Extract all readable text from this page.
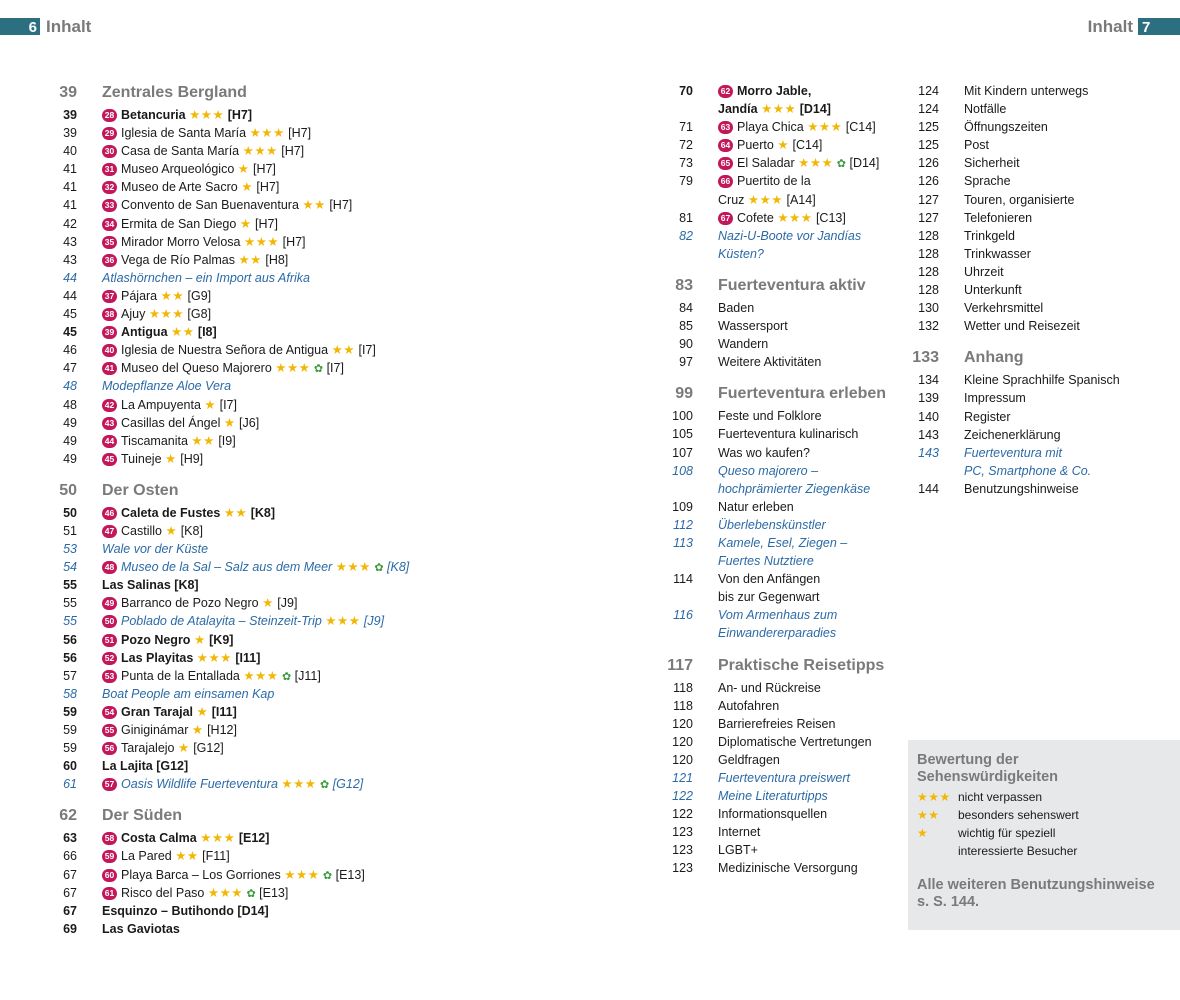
6 Inhalt	Inhalt 7
39 Zentrales Bergland
39	28 Betancuria ★★★ [H7]
39	29 Iglesia de Santa María ★★★ [H7]
40	30 Casa de Santa María ★★★ [H7]
41	31 Museo Arqueológico ★ [H7]
41	32 Museo de Arte Sacro ★ [H7]
41	33 Convento de San Buenaventura ★★ [H7]
42	34 Ermita de San Diego ★ [H7]
43	35 Mirador Morro Velosa ★★★ [H7]
43	36 Vega de Río Palmas ★★ [H8]
44 Atlashörnchen – ein Import aus Afrika
44	37 Pájara ★★ [G9]
45	38 Ajuy ★★★ [G8]
45	39 Antigua ★★ [I8]
46	40 Iglesia de Nuestra Señora de Antigua ★★ [I7]
47	41 Museo del Queso Majorero ★★★ ✿ [I7]
48 Modepflanze Aloe Vera
48	42 La Ampuyenta ★ [I7]
49	43 Casillas del Ángel ★ [J6]
49	44 Tiscamanita ★★ [I9]
49	45 Tuineje ★ [H9]
50 Der Osten
50	46 Caleta de Fustes ★★ [K8]
51	47 Castillo ★ [K8]
53 Wale vor der Küste
54	48 Museo de la Sal – Salz aus dem Meer ★★★ ✿ [K8]
55 Las Salinas [K8]
55	49 Barranco de Pozo Negro ★ [J9]
55	50 Poblado de Atalayita – Steinzeit-Trip ★★★ [J9]
56	51 Pozo Negro ★ [K9]
56	52 Las Playitas ★★★ [I11]
57	53 Punta de la Entallada ★★★ ✿ [J11]
58 Boat People am einsamen Kap
59	54 Gran Tarajal ★ [I11]
59	55 Giniginámar ★ [H12]
59	56 Tarajalejo ★ [G12]
60 La Lajita [G12]
61	57 Oasis Wildlife Fuerteventura ★★★ ✿ [G12]
62 Der Süden
63	58 Costa Calma ★★★ [E12]
66	59 La Pared ★★ [F11]
67	60 Playa Barca – Los Gorriones ★★★ ✿ [E13]
67	61 Risco del Paso ★★★ ✿ [E13]
67 Esquinzo – Butihondo [D14]
69 Las Gaviotas
70	62 Morro Jable,
Jandía ★★★ [D14]
71	63 Playa Chica ★★★ [C14]
72	64 Puerto ★ [C14]
73	65 El Saladar ★★★ ✿ [D14]
79	66 Puertito de la
Cruz ★★★ [A14]
81	67 Cofete ★★★ [C13]
82 Nazi-U-Boote vor Jandías
Küsten?
83 Fuerteventura aktiv
84 Baden
85 Wassersport
90 Wandern
97 Weitere Aktivitäten
99 Fuerteventura erleben
100 Feste und Folklore
105 Fuerteventura kulinarisch
107 Was wo kaufen?
108 Queso majorero –
hochprämierter Ziegenkäse
109 Natur erleben
112 Überlebenskünstler
113 Kamele, Esel, Ziegen –
Fuertes Nutztiere
114 Von den Anfängen
bis zur Gegenwart
116 Vom Armenhaus zum
Einwandererparadies
117 Praktische Reisetipps
118 An- und Rückreise
118 Autofahren
120 Barrierefreies Reisen
120 Diplomatische Vertretungen
120 Geldfragen
121 Fuerteventura preiswert
122 Meine Literaturtipps
122 Informationsquellen
123 Internet
123 LGBT+
123 Medizinische Versorgung
124 Mit Kindern unterwegs
124 Notfälle
125 Öffnungszeiten
125 Post
126 Sicherheit
126 Sprache
127 Touren, organisierte
127 Telefonieren
128 Trinkgeld
128 Trinkwasser
128 Uhrzeit
128 Unterkunft
130 Verkehrsmittel
132 Wetter und Reisezeit
133 Anhang
134 Kleine Sprachhilfe Spanisch
139 Impressum
140 Register
143 Zeichenerklärung
143 Fuerteventura mit
PC, Smartphone & Co.
144 Benutzungshinweise
Bewertung der Sehenswürdigkeiten
★★★ nicht verpassen
★★ besonders sehenswert
★ wichtig für speziell
interessierte Besucher
Alle weiteren Benutzungshinweise s. S. 144.
